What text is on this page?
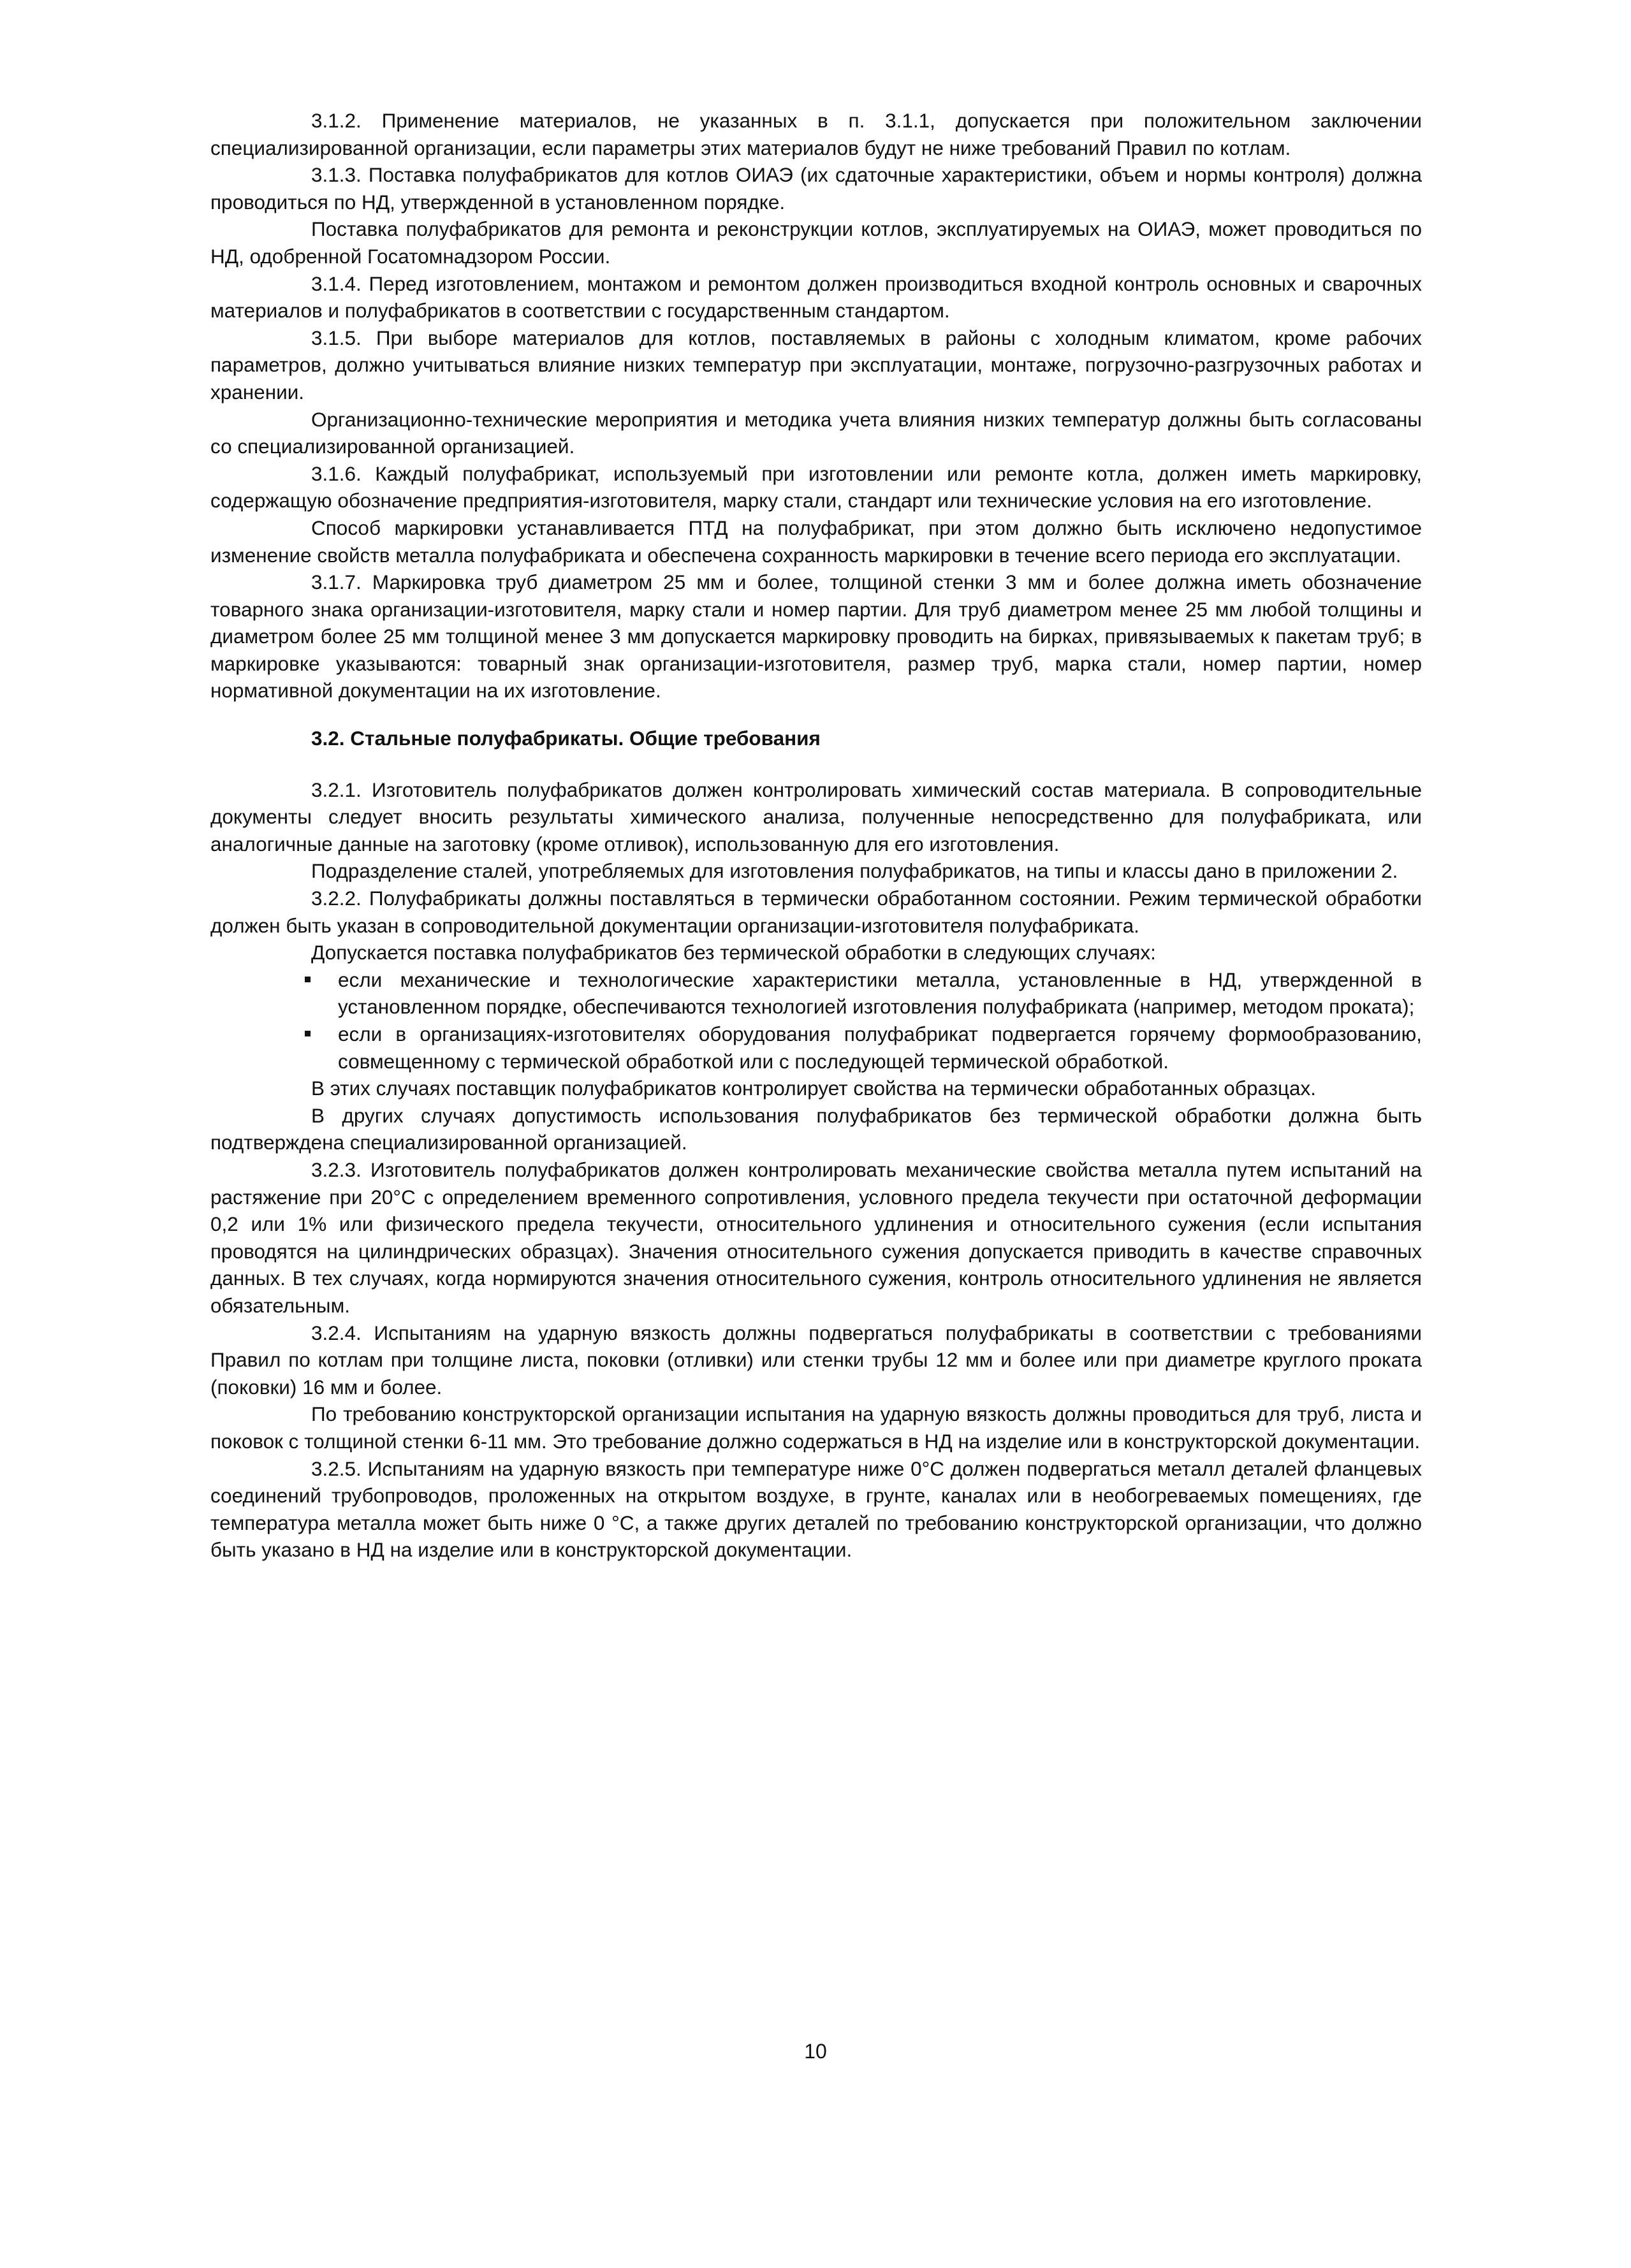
3.1.2. Применение материалов, не указанных в п. 3.1.1, допускается при положительном заключении специализированной организации, если параметры этих материалов будут не ниже требований Правил по котлам.

3.1.3. Поставка полуфабрикатов для котлов ОИАЭ (их сдаточные характеристики, объем и нормы контроля) должна проводиться по НД, утвержденной в установленном порядке.

Поставка полуфабрикатов для ремонта и реконструкции котлов, эксплуатируемых на ОИАЭ, может проводиться по НД, одобренной Госатомнадзором России.

3.1.4. Перед изготовлением, монтажом и ремонтом должен производиться входной контроль основных и сварочных материалов и полуфабрикатов в соответствии с государственным стандартом.

3.1.5. При выборе материалов для котлов, поставляемых в районы с холодным климатом, кроме рабочих параметров, должно учитываться влияние низких температур при эксплуатации, монтаже, погрузочно-разгрузочных работах и хранении.

Организационно-технические мероприятия и методика учета влияния низких температур должны быть согласованы со специализированной организацией.

3.1.6. Каждый полуфабрикат, используемый при изготовлении или ремонте котла, должен иметь маркировку, содержащую обозначение предприятия-изготовителя, марку стали, стандарт или технические условия на его изготовление.

Способ маркировки устанавливается ПТД на полуфабрикат, при этом должно быть исключено недопустимое изменение свойств металла полуфабриката и обеспечена сохранность маркировки в течение всего периода его эксплуатации.

3.1.7. Маркировка труб диаметром 25 мм и более, толщиной стенки 3 мм и более должна иметь обозначение товарного знака организации-изготовителя, марку стали и номер партии. Для труб диаметром менее 25 мм любой толщины и диаметром более 25 мм толщиной менее 3 мм допускается маркировку проводить на бирках, привязываемых к пакетам труб; в маркировке указываются: товарный знак организации-изготовителя, размер труб, марка стали, номер партии, номер нормативной документации на их изготовление.

3.2. Стальные полуфабрикаты. Общие требования

3.2.1. Изготовитель полуфабрикатов должен контролировать химический состав материала. В сопроводительные документы следует вносить результаты химического анализа, полученные непосредственно для полуфабриката, или аналогичные данные на заготовку (кроме отливок), использованную для его изготовления.

Подразделение сталей, употребляемых для изготовления полуфабрикатов, на типы и классы дано в приложении 2.

3.2.2. Полуфабрикаты должны поставляться в термически обработанном состоянии. Режим термической обработки должен быть указан в сопроводительной документации организации-изготовителя полуфабриката.

Допускается поставка полуфабрикатов без термической обработки в следующих случаях:

если механические и технологические характеристики металла, установленные в НД, утвержденной в установленном порядке, обеспечиваются технологией изготовления полуфабриката (например, методом проката);
если в организациях-изготовителях оборудования полуфабрикат подвергается горячему формообразованию, совмещенному с термической обработкой или с последующей термической обработкой.

В этих случаях поставщик полуфабрикатов контролирует свойства на термически обработанных образцах.

В других случаях допустимость использования полуфабрикатов без термической обработки должна быть подтверждена специализированной организацией.

3.2.3. Изготовитель полуфабрикатов должен контролировать механические свойства металла путем испытаний на растяжение при 20°С с определением временного сопротивления, условного предела текучести при остаточной деформации 0,2 или 1% или физического предела текучести, относительного удлинения и относительного сужения (если испытания проводятся на цилиндрических образцах). Значения относительного сужения допускается приводить в качестве справочных данных. В тех случаях, когда нормируются значения относительного сужения, контроль относительного удлинения не является обязательным.

3.2.4. Испытаниям на ударную вязкость должны подвергаться полуфабрикаты в соответствии с требованиями Правил по котлам при толщине листа, поковки (отливки) или стенки трубы 12 мм и более или при диаметре круглого проката (поковки) 16 мм и более.

По требованию конструкторской организации испытания на ударную вязкость должны проводиться для труб, листа и поковок с толщиной стенки 6-11 мм. Это требование должно содержаться в НД на изделие или в конструкторской документации.

3.2.5. Испытаниям на ударную вязкость при температуре ниже 0°С должен подвергаться металл деталей фланцевых соединений трубопроводов, проложенных на открытом воздухе, в грунте, каналах или в необогреваемых помещениях, где температура металла может быть ниже 0 °С, а также других деталей по требованию конструкторской организации, что должно быть указано в НД на изделие или в конструкторской документации.

10
